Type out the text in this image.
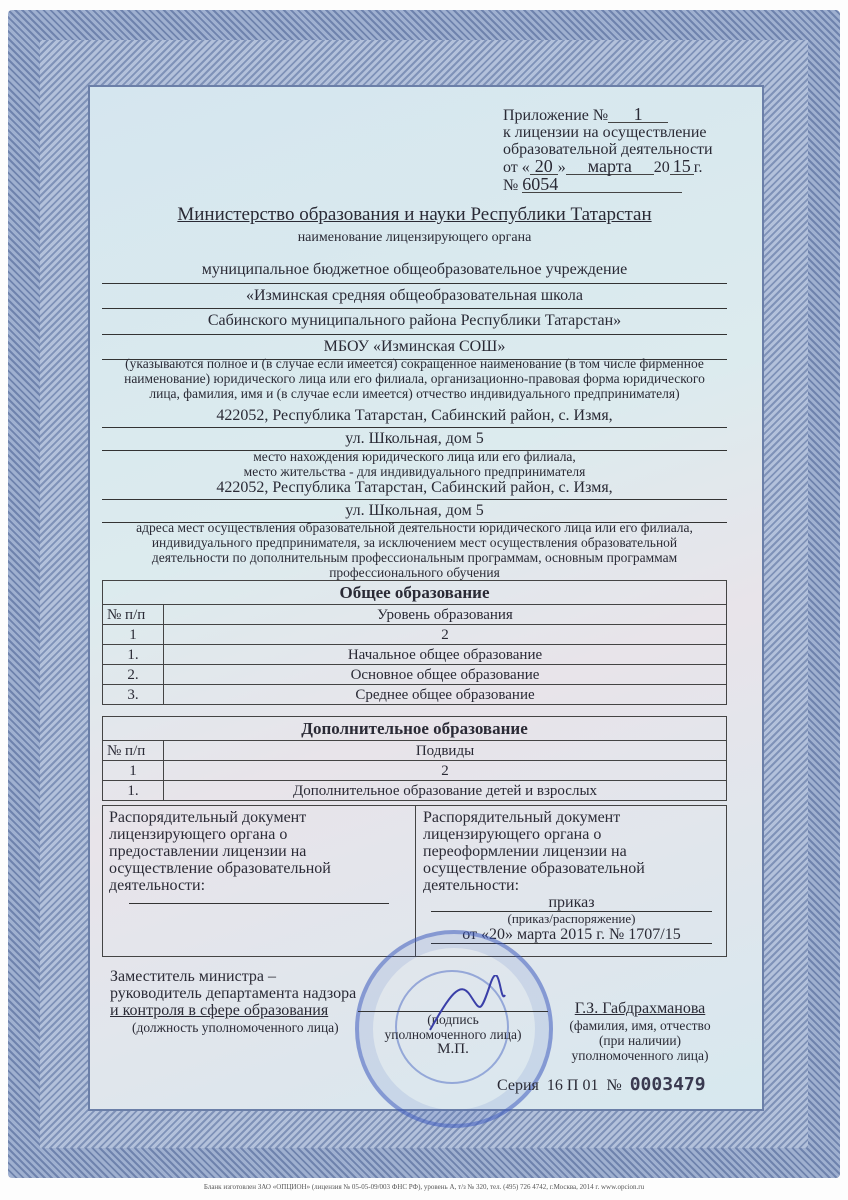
Приложение № 1
к лицензии на осуществление
образовательной деятельности
от « 20 » марта 20 15 г.
№ 6054
Министерство образования и науки Республики Татарстан
наименование лицензирующего органа
муниципальное бюджетное общеобразовательное учреждение
«Изминская средняя общеобразовательная школа
Сабинского муниципального района Республики Татарстан»
МБОУ «Изминская СОШ»
(указываются полное и (в случае если имеется) сокращенное наименование (в том числе фирменное
наименование) юридического лица или его филиала, организационно-правовая форма юридического
лица, фамилия, имя и (в случае если имеется) отчество индивидуального предпринимателя)
422052, Республика Татарстан, Сабинский район, с. Измя,
ул. Школьная, дом 5
место нахождения юридического лица или его филиала,
место жительства - для индивидуального предпринимателя
422052, Республика Татарстан, Сабинский район, с. Измя,
ул. Школьная, дом 5
адреса мест осуществления образовательной деятельности юридического лица или его филиала,
индивидуального предпринимателя, за исключением мест осуществления образовательной
деятельности по дополнительным профессиональным программам, основным программам
профессионального обучения
Общее образование	
№ п/п	Уровень образования
1	2
1.	Начальное общее образование
2.	Основное общее образование
3.	Среднее общее образование
Дополнительное образование	
№ п/п	Подвиды
1	2
1.	Дополнительное образование детей и взрослых
Распорядительный документ
лицензирующего органа о
предоставлении лицензии на
осуществление образовательной
деятельности:
Распорядительный документ
лицензирующего органа о
переоформлении лицензии на
осуществление образовательной
деятельности:
приказ
(приказ/распоряжение)
от «20» марта 2015 г. № 1707/15
Заместитель министра –
руководитель департамента надзора
и контроля в сфере образования
(должность уполномоченного лица)
(подпись
уполномоченного лица)
М.П.
Г.З. Габдрахманова
(фамилия, имя, отчество
(при наличии)
уполномоченного лица)
Серия 16 П 01 № 0003479
Бланк изготовлен ЗАО «ОПЦИОН» (лицензия № 05-05-09/003 ФНС РФ), уровень А, т/з № 320, тел. (495) 726 4742, г.Москва, 2014 г. www.opcion.ru
